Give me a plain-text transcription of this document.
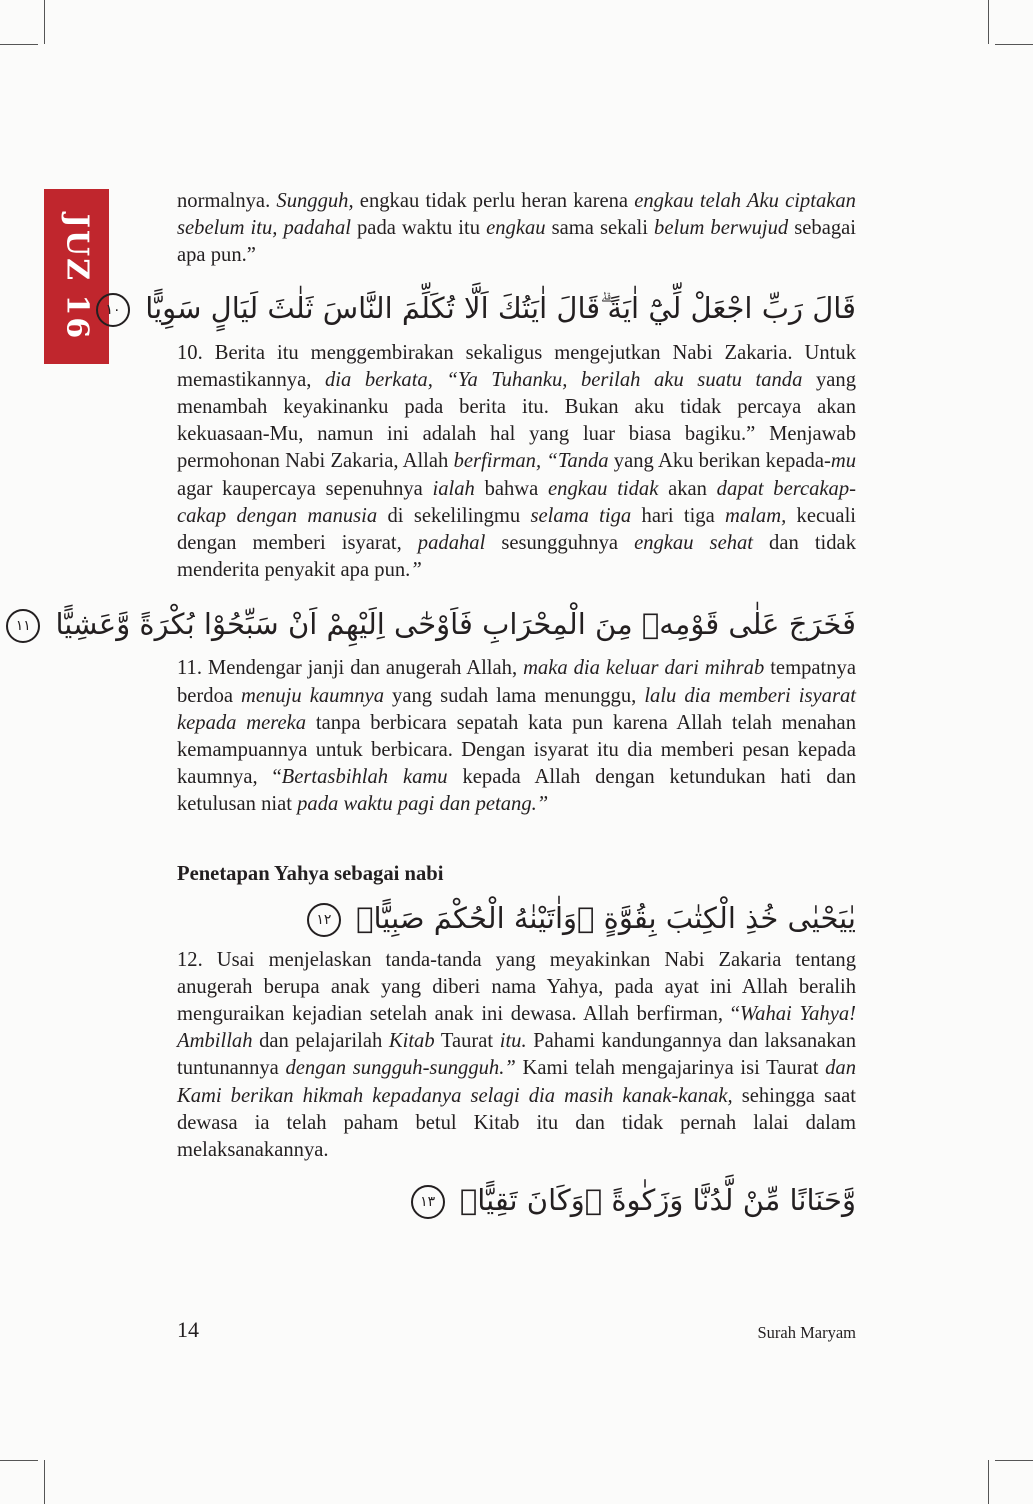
JUZ 16

normalnya. Sungguh, engkau tidak perlu heran karena engkau telah Aku ciptakan sebelum itu, padahal pada waktu itu engkau sama sekali belum berwujud sebagai apa pun.”

قَالَ رَبِّ اجْعَلْ لِّيْٓ اٰيَةً ۗقَالَ اٰيَتُكَ اَلَّا تُكَلِّمَ النَّاسَ ثَلٰثَ لَيَالٍ سَوِيًّا ١٠

10. Berita itu menggembirakan sekaligus mengejutkan Nabi Zakaria. Untuk memastikannya, dia berkata, “Ya Tuhanku, berilah aku suatu tanda yang menambah keyakinanku pada berita itu. Bukan aku tidak percaya akan kekuasaan-Mu, namun ini adalah hal yang luar biasa bagiku.” Menjawab permohonan Nabi Zakaria, Allah berfirman, “Tanda yang Aku berikan kepada-mu agar kaupercaya sepenuhnya ialah bahwa engkau tidak akan dapat bercakap-cakap dengan manusia di sekelilingmu selama tiga hari tiga malam, kecuali dengan memberi isyarat, padahal sesungguhnya engkau sehat dan tidak menderita penyakit apa pun.”

فَخَرَجَ عَلٰى قَوْمِهٖ مِنَ الْمِحْرَابِ فَاَوْحٰٓى اِلَيْهِمْ اَنْ سَبِّحُوْا بُكْرَةً وَّعَشِيًّا ١١

11. Mendengar janji dan anugerah Allah, maka dia keluar dari mihrab tempatnya berdoa menuju kaumnya yang sudah lama menunggu, lalu dia memberi isyarat kepada mereka tanpa berbicara sepatah kata pun karena Allah telah menahan kemampuannya untuk berbicara. Dengan isyarat itu dia memberi pesan kepada kaumnya, “Bertasbihlah kamu kepada Allah dengan ketundukan hati dan ketulusan niat pada waktu pagi dan petang.”

Penetapan Yahya sebagai nabi
يٰيَحْيٰى خُذِ الْكِتٰبَ بِقُوَّةٍ ۗوَاٰتَيْنٰهُ الْحُكْمَ صَبِيًّاۙ ١٢

12. Usai menjelaskan tanda-tanda yang meyakinkan Nabi Zakaria tentang anugerah berupa anak yang diberi nama Yahya, pada ayat ini Allah beralih menguraikan kejadian setelah anak ini dewasa. Allah berfirman, “Wahai Yahya! Ambillah dan pelajarilah Kitab Taurat itu. Pahami kandungannya dan laksanakan tuntunannya dengan sungguh-sungguh.” Kami telah mengajarinya isi Taurat dan Kami berikan hikmah kepadanya selagi dia masih kanak-kanak, sehingga saat dewasa ia telah paham betul Kitab itu dan tidak pernah lalai dalam melaksanakannya.

وَّحَنَانًا مِّنْ لَّدُنَّا وَزَكٰوةً ۗوَكَانَ تَقِيًّاۙ ١٣
14	Surah Maryam
